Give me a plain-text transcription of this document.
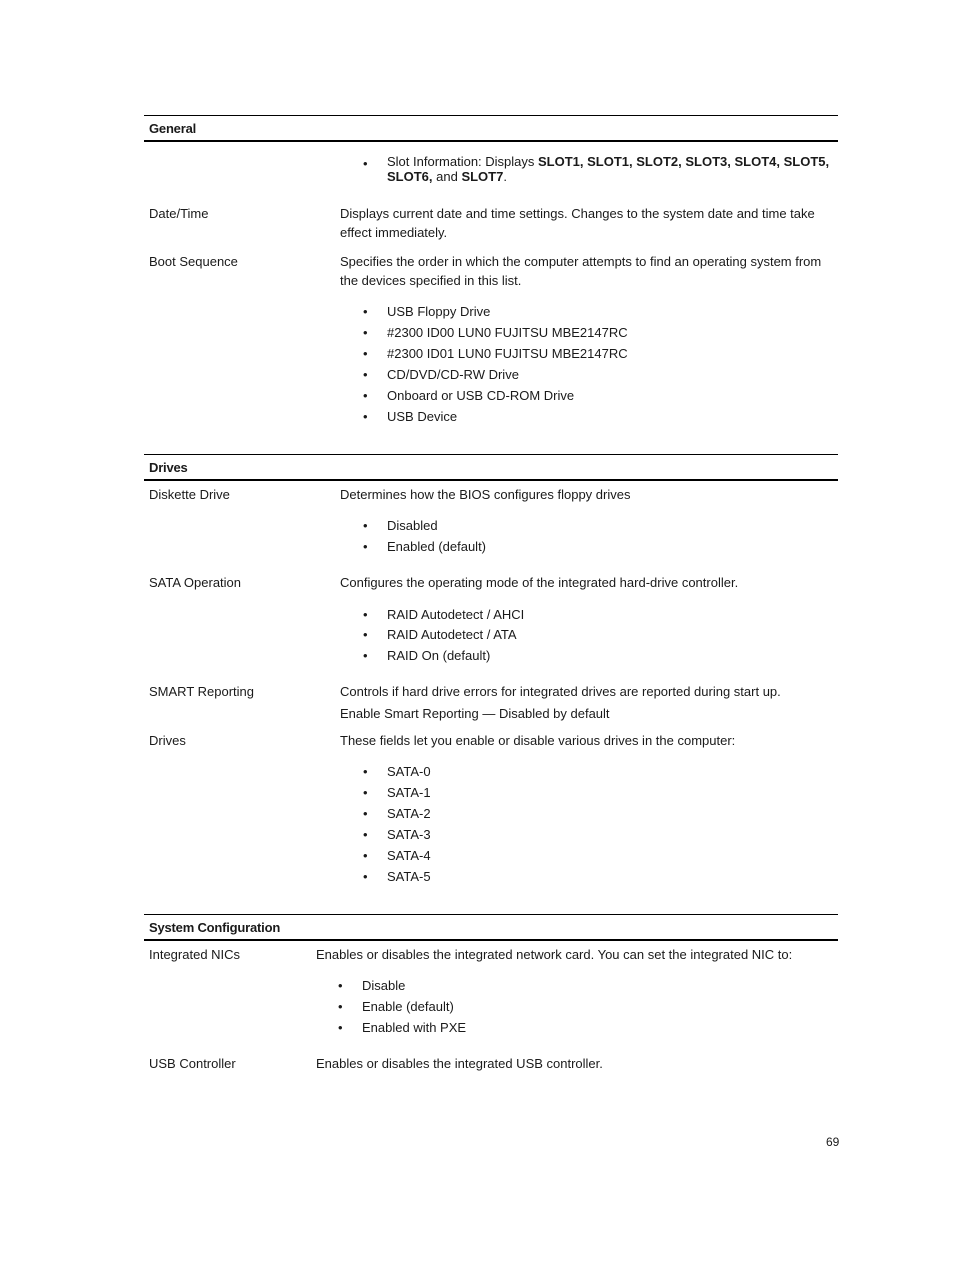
General
• Slot Information: Displays SLOT1, SLOT1, SLOT2, SLOT3, SLOT4, SLOT5,
SLOT6, and SLOT7.
Date/Time	Displays current date and time settings. Changes to the system date and time take
effect immediately.
Boot Sequence	Specifies the order in which the computer attempts to find an operating system from
the devices specified in this list.
• USB Floppy Drive
• #2300 ID00 LUN0 FUJITSU MBE2147RC
• #2300 ID01 LUN0 FUJITSU MBE2147RC
• CD/DVD/CD-RW Drive
• Onboard or USB CD-ROM Drive
• USB Device
Drives
Diskette Drive	Determines how the BIOS configures floppy drives
• Disabled
• Enabled (default)
SATA Operation	Configures the operating mode of the integrated hard-drive controller.
• RAID Autodetect / AHCI
• RAID Autodetect / ATA
• RAID On (default)
SMART Reporting	Controls if hard drive errors for integrated drives are reported during start up.
Enable Smart Reporting — Disabled by default
Drives	These fields let you enable or disable various drives in the computer:
• SATA-0
• SATA-1
• SATA-2
• SATA-3
• SATA-4
• SATA-5
System Configuration
Integrated NICs	Enables or disables the integrated network card. You can set the integrated NIC to:
• Disable
• Enable (default)
• Enabled with PXE
USB Controller	Enables or disables the integrated USB controller.
69
